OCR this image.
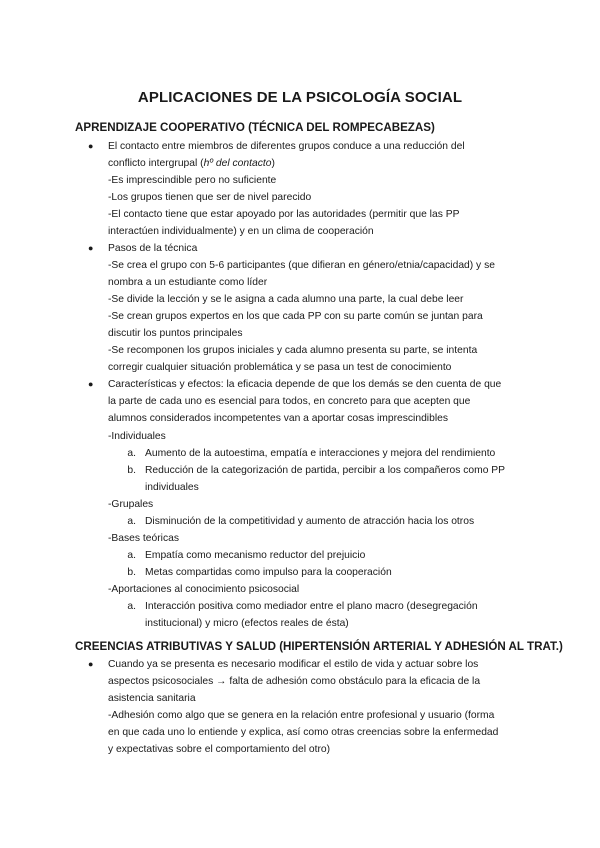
APLICACIONES DE LA PSICOLOGÍA SOCIAL
APRENDIZAJE COOPERATIVO (TÉCNICA DEL ROMPECABEZAS)
● El contacto entre miembros de diferentes grupos conduce a una reducción del
conflicto intergrupal (hº del contacto)
-Es imprescindible pero no suficiente
-Los grupos tienen que ser de nivel parecido
-El contacto tiene que estar apoyado por las autoridades (permitir que las PP
interactúen individualmente) y en un clima de cooperación
● Pasos de la técnica
-Se crea el grupo con 5-6 participantes (que difieran en género/etnia/capacidad) y se
nombra a un estudiante como líder
-Se divide la lección y se le asigna a cada alumno una parte, la cual debe leer
-Se crean grupos expertos en los que cada PP con su parte común se juntan para
discutir los puntos principales
-Se recomponen los grupos iniciales y cada alumno presenta su parte, se intenta
corregir cualquier situación problemática y se pasa un test de conocimiento
● Características y efectos: la eficacia depende de que los demás se den cuenta de que
la parte de cada uno es esencial para todos, en concreto para que acepten que
alumnos considerados incompetentes van a aportar cosas imprescindibles
-Individuales
a. Aumento de la autoestima, empatía e interacciones y mejora del rendimiento
b. Reducción de la categorización de partida, percibir a los compañeros como PP
individuales
-Grupales
a. Disminución de la competitividad y aumento de atracción hacia los otros
-Bases teóricas
a. Empatía como mecanismo reductor del prejuicio
b. Metas compartidas como impulso para la cooperación
-Aportaciones al conocimiento psicosocial
a. Interacción positiva como mediador entre el plano macro (desegregación
institucional) y micro (efectos reales de ésta)
CREENCIAS ATRIBUTIVAS Y SALUD (HIPERTENSIÓN ARTERIAL Y ADHESIÓN AL TRAT.)
● Cuando ya se presenta es necesario modificar el estilo de vida y actuar sobre los
aspectos psicosociales → falta de adhesión como obstáculo para la eficacia de la
asistencia sanitaria
-Adhesión como algo que se genera en la relación entre profesional y usuario (forma
en que cada uno lo entiende y explica, así como otras creencias sobre la enfermedad
y expectativas sobre el comportamiento del otro)
